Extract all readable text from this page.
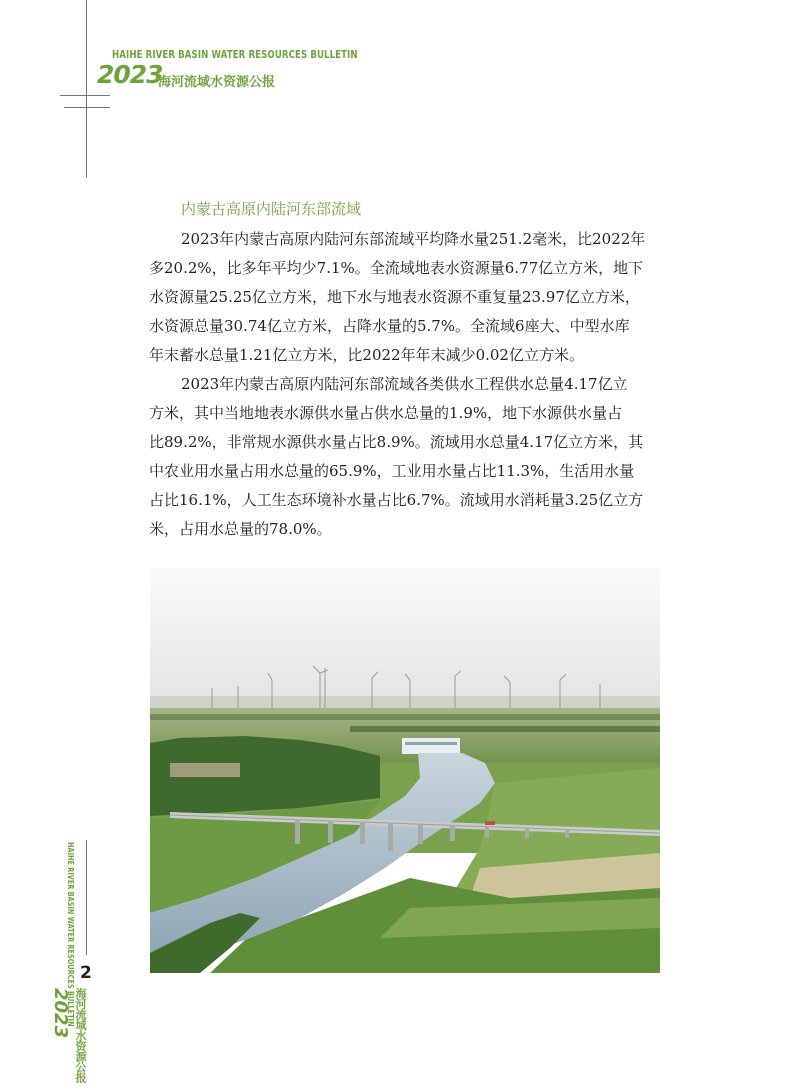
HAIHE RIVER BASIN WATER RESOURCES BULLETIN
2023
海河流域水资源公报
内蒙古高原内陆河东部流域
2023年内蒙古高原内陆河东部流域平均降水量251.2毫米，比2022年
多20.2%，比多年平均少7.1%。全流域地表水资源量6.77亿立方米，地下
水资源量25.25亿立方米，地下水与地表水资源不重复量23.97亿立方米，
水资源总量30.74亿立方米，占降水量的5.7%。全流域6座大、中型水库
年末蓄水总量1.21亿立方米，比2022年年末减少0.02亿立方米。
2023年内蒙古高原内陆河东部流域各类供水工程供水总量4.17亿立
方米，其中当地地表水源供水量占供水总量的1.9%，地下水源供水量占
比89.2%，非常规水源供水量占比8.9%。流域用水总量4.17亿立方米，其
中农业用水量占用水总量的65.9%，工业用水量占比11.3%，生活用水量
占比16.1%，人工生态环境补水量占比6.7%。流域用水消耗量3.25亿立方
米，占用水总量的78.0%。
HAIHE RIVER BASIN WATER RESOURCES BULLETIN 2
2023 海河流域水资源公报
